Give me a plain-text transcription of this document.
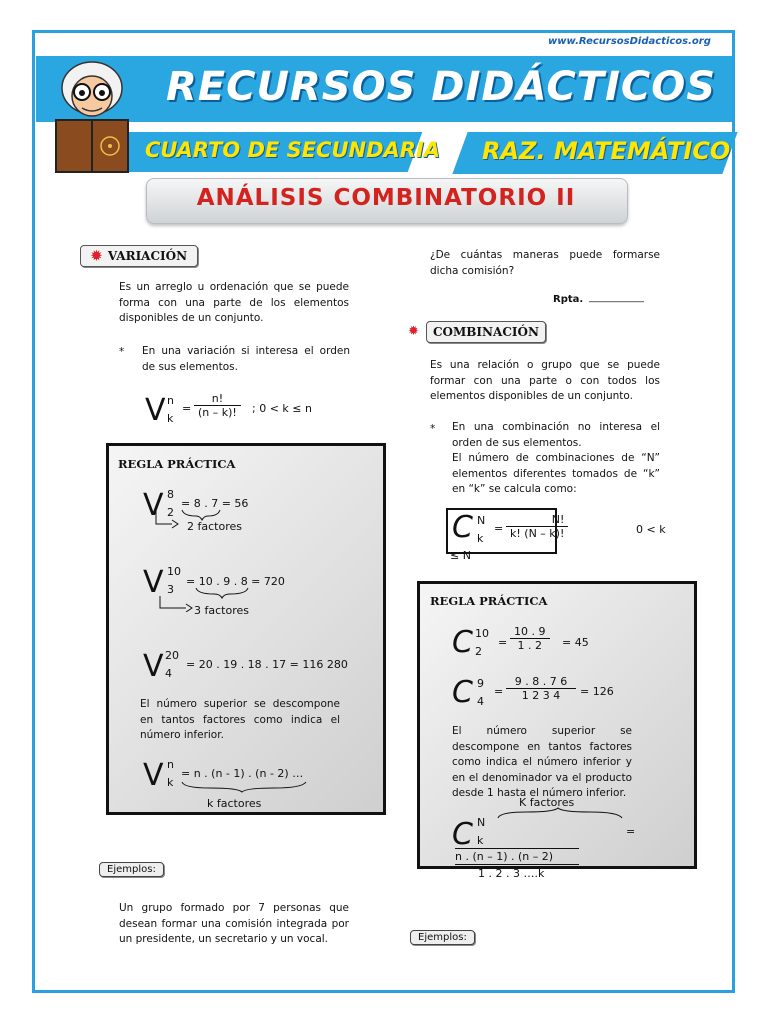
www.RecursosDidacticos.org
RECURSOS DIDÁCTICOS
CUARTO DE SECUNDARIA RAZ. MATEMÁTICO
ANÁLISIS COMBINATORIO II
✹ VARIACIÓN
Es un arreglo u ordenación que se puede forma con una parte de los elementos disponibles de un conjunto.
* En una variación si interesa el orden de sus elementos.
V n
k
= $\frac{n!}{(n - k)!}$ ; 0 < k ≤ n
REGLA PRÁCTICA
V 8
2
= 8 . 7 = 56
2 factores
V 10
3
= 10 . 9 . 8 = 720
3 factores
V 20
4
= 20 . 19 . 18 . 17 = 116 280
El número superior se descompone en tantos factores como indica el número inferior.
V n
k
= n . (n - 1) . (n - 2) …
k factores
Ejemplos:
Un grupo formado por 7 personas que desean formar una comisión integrada por un presidente, un secretario y un vocal.
¿De cuántas maneras puede formarse dicha comisión?
Rpta. ___________
✹	COMBINACIÓN
Es una relación o grupo que se puede formar con una parte o con todos los elementos disponibles de un conjunto.
* En una combinación no interesa el orden de sus elementos.
El número de combinaciones de “N” elementos diferentes tomados de “k” en “k” se calcula como:
C N
k
= $\frac{N!}{k! (N - k)!}$	0 < k
≤ N
REGLA PRÁCTICA
C 10
2
= $\frac{10 . 9}{1 . 2} = 45$
C 9
4
= $\frac{9 . 8 . 7 6}{1 2 3 4} = 126$
El número superior se descompone en tantos factores como indica el número inferior y en el denominador va el producto desde 1 hasta el número inferior.
K factores
C N
k
=
n . (n – 1) . (n – 2)
1 . 2 . 3 ….k
Ejemplos:
